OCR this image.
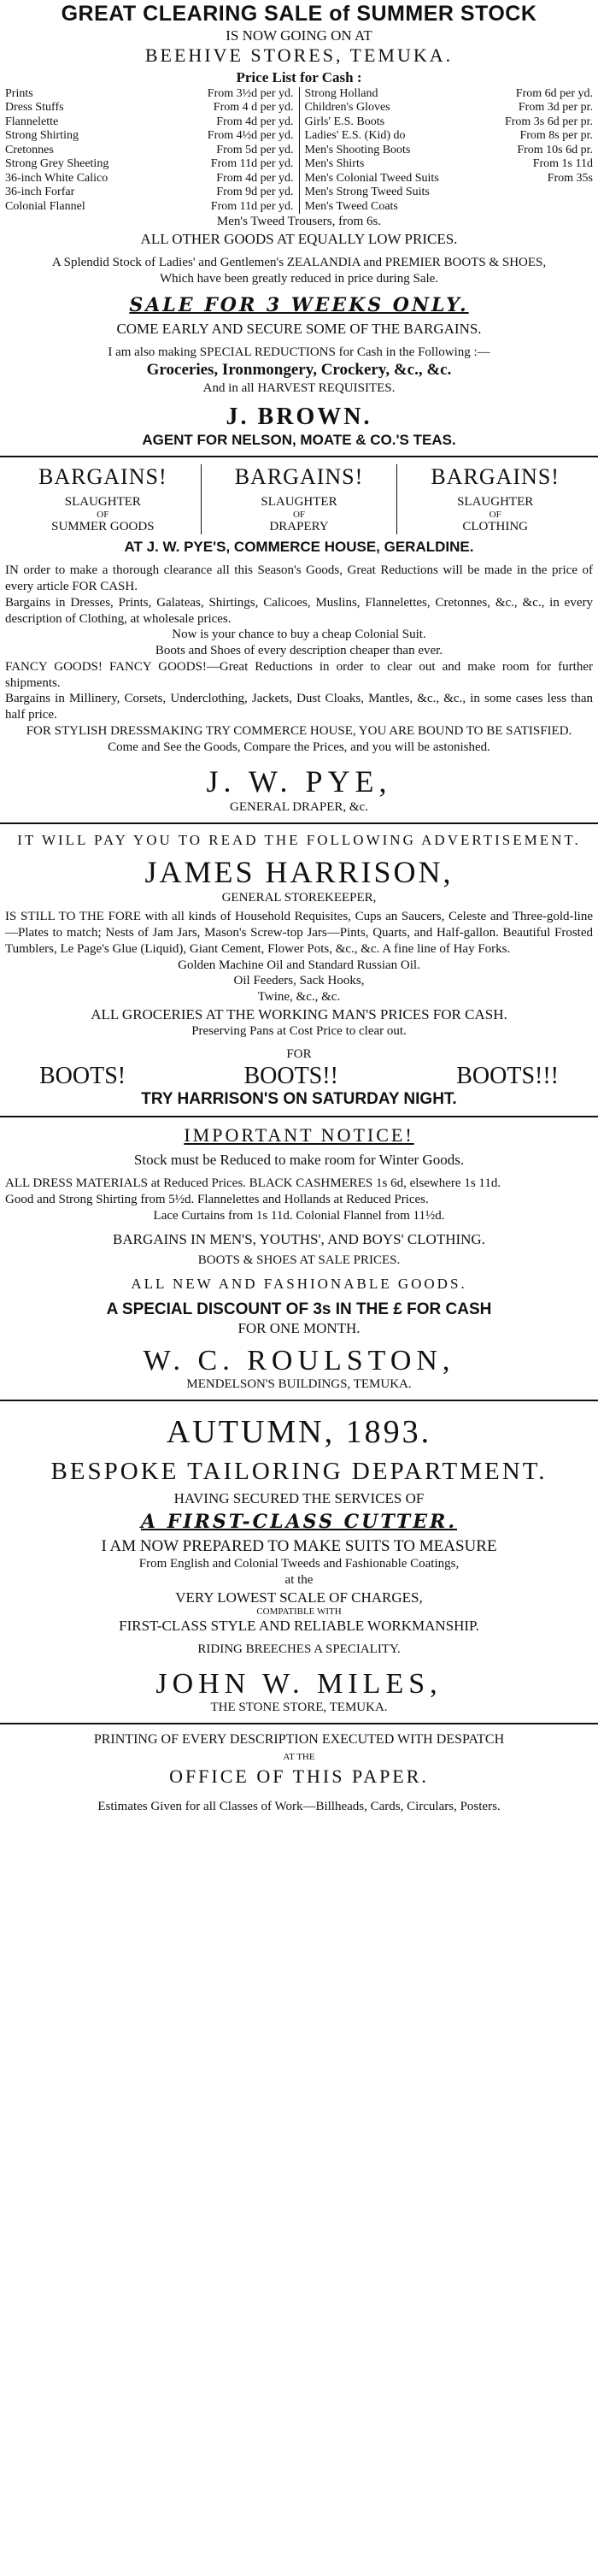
GREAT CLEARING SALE of SUMMER STOCK
IS NOW GOING ON AT
BEEHIVE STORES, TEMUKA.
Price List for Cash :
Prints	From 3½d per yd.
Dress Stuffs	From 4 d per yd.
Flannelette	From 4d per yd.
Strong Shirting	From 4½d per yd.
Cretonnes	From 5d per yd.
Strong Grey Sheeting	From 11d per yd.
36-inch White Calico	From 4d per yd.
36-inch Forfar	From 9d per yd.
Colonial Flannel	From 11d per yd.
Strong Holland	From 6d per yd.
Children's Gloves	From 3d per pr.
Girls' E.S. Boots	From 3s 6d per pr.
Ladies' E.S. (Kid) do	From 8s per pr.
Men's Shooting Boots	From 10s 6d pr.
Men's Shirts	From 1s 11d
Men's Colonial Tweed Suits	From 35s
Men's Strong Tweed Suits
Men's Tweed Coats
Men's Tweed Trousers, from 6s.
ALL OTHER GOODS AT EQUALLY LOW PRICES.
A Splendid Stock of Ladies' and Gentlemen's ZEALANDIA and PREMIER BOOTS & SHOES,
Which have been greatly reduced in price during Sale.
SALE FOR 3 WEEKS ONLY.
COME EARLY AND SECURE SOME OF THE BARGAINS.
I am also making SPECIAL REDUCTIONS for Cash in the Following :—
Groceries, Ironmongery, Crockery, &c., &c.
And in all HARVEST REQUISITES.
J. BROWN.
AGENT FOR NELSON, MOATE & CO.'S TEAS.
BARGAINS!
SLAUGHTER
OF
SUMMER GOODS
BARGAINS!
SLAUGHTER
OF
DRAPERY
BARGAINS!
SLAUGHTER
OF
CLOTHING
AT J. W. PYE'S, COMMERCE HOUSE, GERALDINE.
IN order to make a thorough clearance all this Season's Goods, Great Reductions will be made in the price of every article FOR CASH.
Bargains in Dresses, Prints, Galateas, Shirtings, Calicoes, Muslins, Flannelettes, Cretonnes, &c., &c., in every description of Clothing, at wholesale prices.
Now is your chance to buy a cheap Colonial Suit.
Boots and Shoes of every description cheaper than ever.
FANCY GOODS! FANCY GOODS!—Great Reductions in order to clear out and make room for further shipments.
Bargains in Millinery, Corsets, Underclothing, Jackets, Dust Cloaks, Mantles, &c., &c., in some cases less than half price.
FOR STYLISH DRESSMAKING TRY COMMERCE HOUSE, YOU ARE BOUND TO BE SATISFIED.
Come and See the Goods, Compare the Prices, and you will be astonished.
J. W. PYE,
GENERAL DRAPER, &c.
IT WILL PAY YOU TO READ THE FOLLOWING ADVERTISEMENT.
JAMES HARRISON,
GENERAL STOREKEEPER,
IS STILL TO THE FORE with all kinds of Household Requisites, Cups an Saucers, Celeste and Three-gold-line—Plates to match; Nests of Jam Jars, Mason's Screw-top Jars—Pints, Quarts, and Half-gallon. Beautiful Frosted Tumblers, Le Page's Glue (Liquid), Giant Cement, Flower Pots, &c., &c. A fine line of Hay Forks.
Golden Machine Oil and Standard Russian Oil.
Oil Feeders, Sack Hooks,
Twine, &c., &c.
ALL GROCERIES AT THE WORKING MAN'S PRICES FOR CASH.
Preserving Pans at Cost Price to clear out.
FOR
BOOTS!	BOOTS!!	BOOTS!!!
TRY HARRISON'S ON SATURDAY NIGHT.
IMPORTANT NOTICE!
Stock must be Reduced to make room for Winter Goods.
ALL DRESS MATERIALS at Reduced Prices. BLACK CASHMERES 1s 6d, elsewhere 1s 11d.
Good and Strong Shirting from 5½d. Flannelettes and Hollands at Reduced Prices.
Lace Curtains from 1s 11d. Colonial Flannel from 11½d.
BARGAINS IN MEN'S, YOUTHS', AND BOYS' CLOTHING.
BOOTS & SHOES AT SALE PRICES.
ALL NEW AND FASHIONABLE GOODS.
A SPECIAL DISCOUNT OF 3s IN THE £ FOR CASH
FOR ONE MONTH.
W. C. ROULSTON,
MENDELSON'S BUILDINGS, TEMUKA.
AUTUMN, 1893.
BESPOKE TAILORING DEPARTMENT.
HAVING SECURED THE SERVICES OF
A FIRST-CLASS CUTTER.
I AM NOW PREPARED TO MAKE SUITS TO MEASURE
From English and Colonial Tweeds and Fashionable Coatings,
at the
VERY LOWEST SCALE OF CHARGES,
COMPATIBLE WITH
FIRST-CLASS STYLE AND RELIABLE WORKMANSHIP.
RIDING BREECHES A SPECIALITY.
JOHN W. MILES,
THE STONE STORE, TEMUKA.
PRINTING OF EVERY DESCRIPTION EXECUTED WITH DESPATCH
AT THE
OFFICE OF THIS PAPER.
Estimates Given for all Classes of Work—Billheads, Cards, Circulars, Posters.
